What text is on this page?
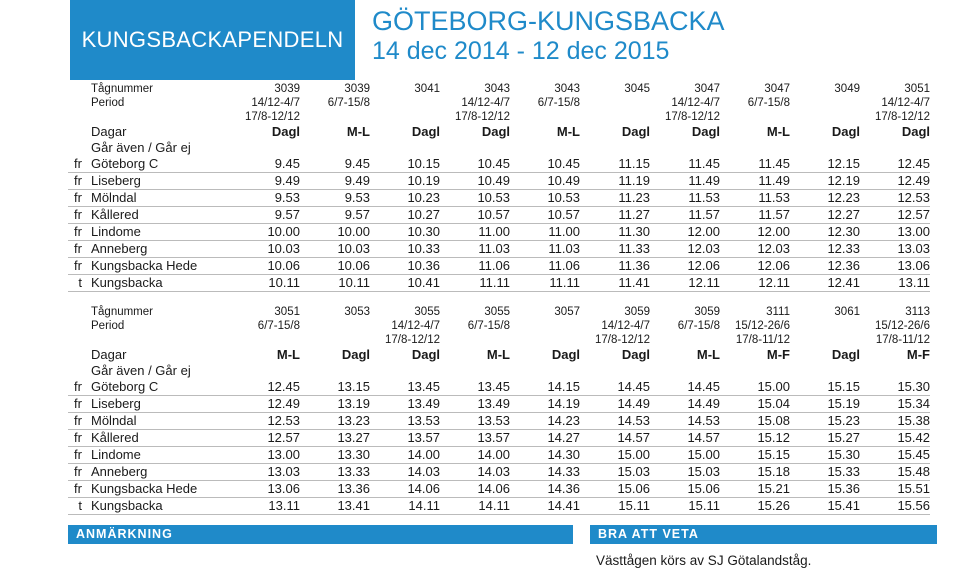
KUNGSBACKAPENDELN
GÖTEBORG-KUNGSBACKA
14 dec 2014 - 12 dec 2015
	Tågnummer	3039	3039	3041	3043	3043	3045	3047	3047	3049	3051
	Period	14/12-4/7	6/7-15/8		14/12-4/7	6/7-15/8		14/12-4/7	6/7-15/8		14/12-4/7
		17/8-12/12			17/8-12/12			17/8-12/12			17/8-12/12
	Dagar	Dagl	M-L	Dagl	Dagl	M-L	Dagl	Dagl	M-L	Dagl	Dagl
	Går även / Går ej										
fr	Göteborg C	9.45	9.45	10.15	10.45	10.45	11.15	11.45	11.45	12.15	12.45
fr	Liseberg	9.49	9.49	10.19	10.49	10.49	11.19	11.49	11.49	12.19	12.49
fr	Mölndal	9.53	9.53	10.23	10.53	10.53	11.23	11.53	11.53	12.23	12.53
fr	Kållered	9.57	9.57	10.27	10.57	10.57	11.27	11.57	11.57	12.27	12.57
fr	Lindome	10.00	10.00	10.30	11.00	11.00	11.30	12.00	12.00	12.30	13.00
fr	Anneberg	10.03	10.03	10.33	11.03	11.03	11.33	12.03	12.03	12.33	13.03
fr	Kungsbacka Hede	10.06	10.06	10.36	11.06	11.06	11.36	12.06	12.06	12.36	13.06
t	Kungsbacka	10.11	10.11	10.41	11.11	11.11	11.41	12.11	12.11	12.41	13.11
	Tågnummer	3051	3053	3055	3055	3057	3059	3059	3111	3061	3113
	Period	6/7-15/8		14/12-4/7	6/7-15/8		14/12-4/7	6/7-15/8	15/12-26/6		15/12-26/6
				17/8-12/12			17/8-12/12		17/8-11/12		17/8-11/12
	Dagar	M-L	Dagl	Dagl	M-L	Dagl	Dagl	M-L	M-F	Dagl	M-F
	Går även / Går ej										
fr	Göteborg C	12.45	13.15	13.45	13.45	14.15	14.45	14.45	15.00	15.15	15.30
fr	Liseberg	12.49	13.19	13.49	13.49	14.19	14.49	14.49	15.04	15.19	15.34
fr	Mölndal	12.53	13.23	13.53	13.53	14.23	14.53	14.53	15.08	15.23	15.38
fr	Kållered	12.57	13.27	13.57	13.57	14.27	14.57	14.57	15.12	15.27	15.42
fr	Lindome	13.00	13.30	14.00	14.00	14.30	15.00	15.00	15.15	15.30	15.45
fr	Anneberg	13.03	13.33	14.03	14.03	14.33	15.03	15.03	15.18	15.33	15.48
fr	Kungsbacka Hede	13.06	13.36	14.06	14.06	14.36	15.06	15.06	15.21	15.36	15.51
t	Kungsbacka	13.11	13.41	14.11	14.11	14.41	15.11	15.11	15.26	15.41	15.56
ANMÄRKNING	BRA ATT VETA
Västtågen körs av SJ Götalandståg.
